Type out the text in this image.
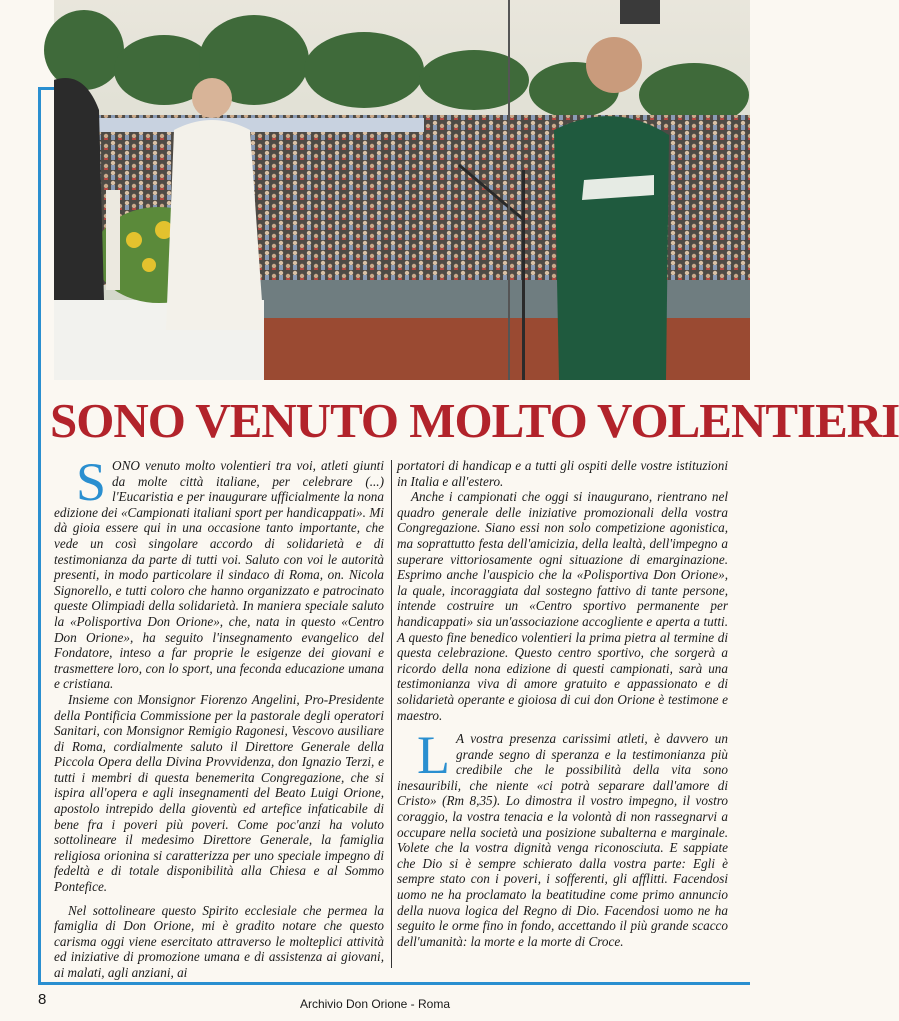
SONO VENUTO MOLTO VOLENTIERI

SONO venuto molto volentieri tra voi, atleti giunti da molte città italiane, per celebrare (...) l'Eucaristia e per inaugurare ufficialmente la nona edizione dei «Campionati italiani sport per handicappati». Mi dà gioia essere qui in una occasione tanto importante, che vede un così singolare accordo di solidarietà e di testimonianza da parte di tutti voi. Saluto con voi le autorità presenti, in modo particolare il sindaco di Roma, on. Nicola Signorello, e tutti coloro che hanno organizzato e patrocinato queste Olimpiadi della solidarietà. In maniera speciale saluto la «Polisportiva Don Orione», che, nata in questo «Centro Don Orione», ha seguito l'insegnamento evangelico del Fondatore, inteso a far proprie le esigenze dei giovani e trasmettere loro, con lo sport, una feconda educazione umana e cristiana.

Insieme con Monsignor Fiorenzo Angelini, Pro-Presidente della Pontificia Commissione per la pastorale degli operatori Sanitari, con Monsignor Remigio Ragonesi, Vescovo ausiliare di Roma, cordialmente saluto il Direttore Generale della Piccola Opera della Divina Provvidenza, don Ignazio Terzi, e tutti i membri di questa benemerita Congregazione, che si ispira all'opera e agli insegnamenti del Beato Luigi Orione, apostolo intrepido della gioventù ed artefice infaticabile di bene fra i poveri più poveri. Come poc'anzi ha voluto sottolineare il medesimo Direttore Generale, la famiglia religiosa orionina si caratterizza per uno speciale impegno di fedeltà e di totale disponibilità alla Chiesa e al Sommo Pontefice.

Nel sottolineare questo Spirito ecclesiale che permea la famiglia di Don Orione, mi è gradito notare che questo carisma oggi viene esercitato attraverso le molteplici attività ed iniziative di promozione umana e di assistenza ai giovani, ai malati, agli anziani, ai

portatori di handicap e a tutti gli ospiti delle vostre istituzioni in Italia e all'estero.

Anche i campionati che oggi si inaugurano, rientrano nel quadro generale delle iniziative promozionali della vostra Congregazione. Siano essi non solo competizione agonistica, ma soprattutto festa dell'amicizia, della lealtà, dell'impegno a superare vittoriosamente ogni situazione di emarginazione. Esprimo anche l'auspicio che la «Polisportiva Don Orione», la quale, incoraggiata dal sostegno fattivo di tante persone, intende costruire un «Centro sportivo permanente per handicappati» sia un'associazione accogliente e aperta a tutti. A questo fine benedico volentieri la prima pietra al termine di questa celebrazione. Questo centro sportivo, che sorgerà a ricordo della nona edizione di questi campionati, sarà una testimonianza viva di amore gratuito e appassionato e di solidarietà operante e gioiosa di cui don Orione è testimone e maestro.

L A vostra presenza carissimi atleti, è davvero un grande segno di speranza e la testimonianza più credibile che le possibilità della vita sono inesauribili, che niente «ci potrà separare dall'amore di Cristo» (Rm 8,35). Lo dimostra il vostro impegno, il vostro coraggio, la vostra tenacia e la volontà di non rassegnarvi a occupare nella società una posizione subalterna e marginale. Volete che la vostra dignità venga riconosciuta. E sappiate che Dio si è sempre schierato dalla vostra parte: Egli è sempre stato con i poveri, i sofferenti, gli afflitti. Facendosi uomo ne ha proclamato la beatitudine come primo annuncio della nuova logica del Regno di Dio. Facendosi uomo ne ha seguito le orme fino in fondo, accettando il più grande scacco dell'umanità: la morte e la morte di Croce.

8	Archivio Don Orione - Roma
